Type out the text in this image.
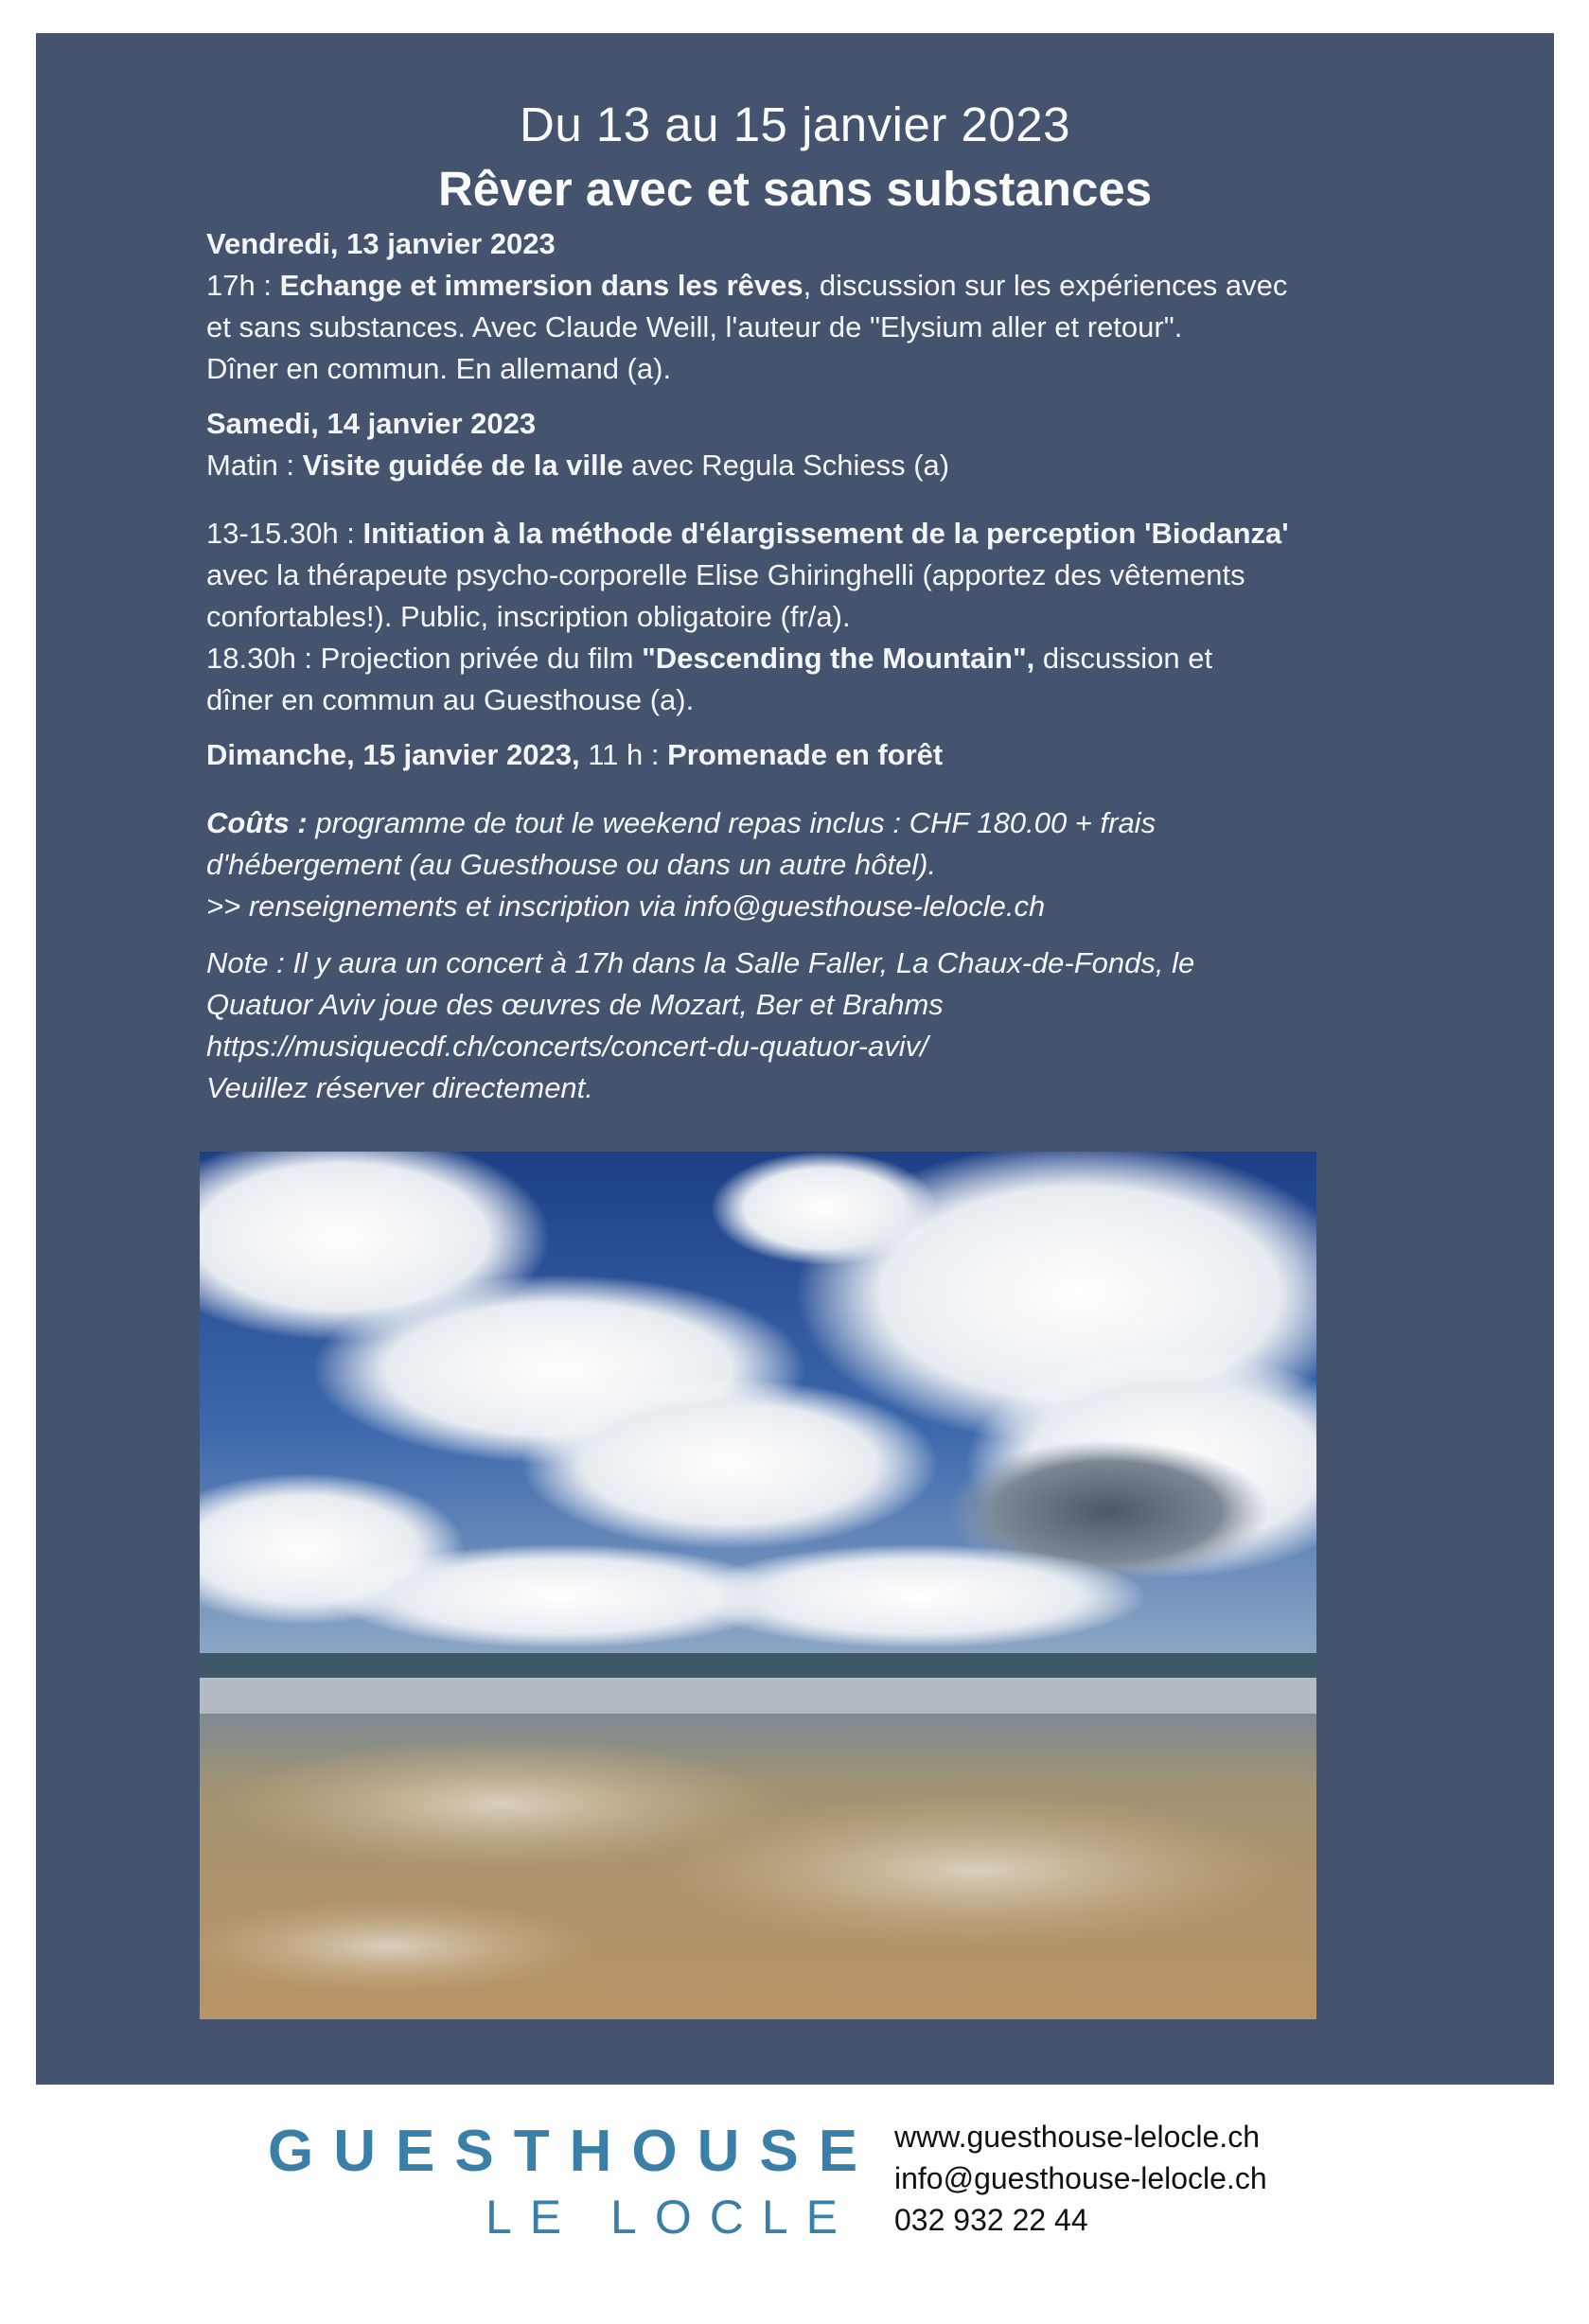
Du 13 au 15 janvier 2023
Rêver avec et sans substances

Vendredi, 13 janvier 2023

17h : Echange et immersion dans les rêves, discussion sur les expériences avec

et sans substances. Avec Claude Weill, l'auteur de "Elysium aller et retour".

Dîner en commun. En allemand (a).

Samedi, 14 janvier 2023

Matin : Visite guidée de la ville avec Regula Schiess (a)

13-15.30h : Initiation à la méthode d'élargissement de la perception 'Biodanza'

avec la thérapeute psycho-corporelle Elise Ghiringhelli (apportez des vêtements

confortables!). Public, inscription obligatoire (fr/a).

18.30h : Projection privée du film "Descending the Mountain", discussion et

dîner en commun au Guesthouse (a).

Dimanche, 15 janvier 2023, 11 h : Promenade en forêt

Coûts : programme de tout le weekend repas inclus : CHF 180.00 + frais

d'hébergement (au Guesthouse ou dans un autre hôtel).

>> renseignements et inscription via info@guesthouse-lelocle.ch

Note : Il y aura un concert à 17h dans la Salle Faller, La Chaux-de-Fonds, le

Quatuor Aviv joue des œuvres de Mozart, Ber et Brahms

https://musiquecdf.ch/concerts/concert-du-quatuor-aviv/

Veuillez réserver directement.

GUESTHOUSE
LE LOCLE
www.guesthouse-lelocle.ch
info@guesthouse-lelocle.ch
032 932 22 44
